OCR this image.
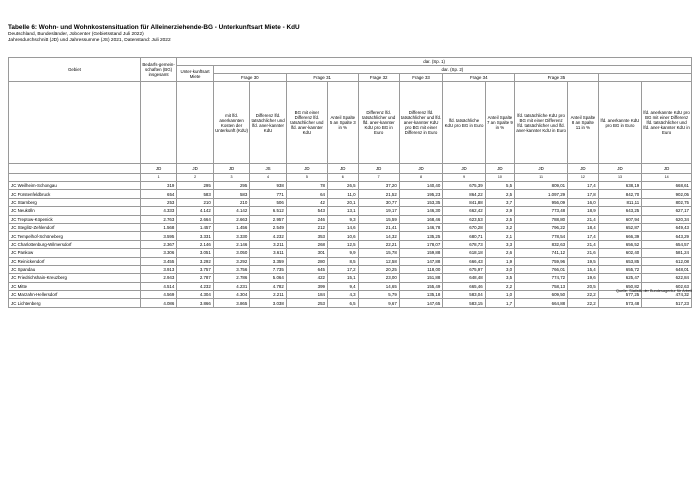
Tabelle 6: Wohn- und Wohnkostensituation für Alleinerziehende-BG - Unterkunftsart Miete - KdU
Deutschland, Bundesländer, Jobcenter (Gebietsstand Juli 2022)
Jahresdurchschnitt (JD) und Jahressumme (JS) 2021, Datenstand: Juli 2022
Gebiet	Bedarfs-gemein-schaften (BG) insgesamt	dar. (Sp. 1)												
		Unter-kunftsart Miete	dar. (Sp. 2)											
			Frage 30		Frage 31		Frage 32	Frage 33	Frage 34		Frage 35			
			mit lfd. anerkannten Kosten der Unterkunft (KdU)	Differenz lfd. tatsächlicher und lfd. aner-kannter KdU	BG mit einer Differenz lfd. tatsächlicher und lfd. aner-kannter KdU	Anteil Spalte 5 an Spalte 3 in %	Differenz lfd. tatsächlicher und lfd. aner-kannter KdU pro BG in Euro	Differenz lfd. tatsächlicher und lfd. aner-kannter KdU pro BG mit einer Differenz in Euro	lfd. tatsächliche KdU pro BG in Euro	Anteil Spalte 7 an Spalte 9 in %	lfd. tatsächliche KdU pro BG mit einer Differenz lfd. tatsächlicher und lfd. aner-kannter KdU in Euro	Anteil Spalte 8 an Spalte 11 in %	lfd. anerkannte KdU pro BG in Euro	lfd. anerkannte KdU pro BG mit einer Differenz lfd. tatsächlicher und lfd. aner-kannter KdU in Euro
	JD	JD	JD	JS	JD	JD	JD	JD	JD	JD	JD	JD	JD	JD
	1	2	3	4	5	6	7	8	9	10	11	12	13	14
JC Weilheim-Schongau	319	295	295	938	78	26,5	37,20	140,40	675,39	5,5	809,01	17,4	638,19	668,61
JC Fürstenfeldbruck	654	583	583	771	64	11,0	21,52	195,23	864,22	2,5	1.097,29	17,8	842,70	902,05
JC Starnberg	253	210	210	506	42	20,1	30,77	153,35	841,88	3,7	956,09	16,0	811,11	802,75
JC Neukölln	4.333	4.142	4.142	6.512	543	13,1	19,17	146,30	662,42	2,9	773,48	18,9	643,25	627,17
JC Treptow-Köpenick	2.763	2.664	2.663	2.957	246	9,3	15,59	168,46	623,53	2,5	788,80	21,4	607,94	620,34
JC Steglitz-Zehlendorf	1.568	1.457	1.456	2.549	212	14,6	21,41	146,78	670,28	3,2	796,22	18,4	652,87	649,43
JC Tempelhof-Schöneberg	3.595	3.331	3.330	4.232	353	10,6	14,32	135,25	680,71	2,1	778,54	17,4	666,39	643,29
JC Charlottenburg-Wilmersdorf	2.367	2.146	2.146	3.211	268	12,5	22,21	178,07	678,73	3,3	832,63	21,4	656,52	654,57
JC Pankow	3.306	3.051	3.050	3.611	301	9,9	15,78	159,88	618,18	2,6	741,12	21,6	602,40	581,24
JC Reinickendorf	3.455	3.292	3.292	3.359	280	8,5	12,58	147,88	666,43	1,9	759,96	19,5	653,85	612,08
JC Spandau	3.913	3.757	3.756	7.735	645	17,2	20,25	118,00	675,97	3,0	766,01	15,4	655,72	648,01
JC Friedrichshain-Kreuzberg	2.943	2.787	2.786	5.064	422	15,1	23,00	151,88	648,48	3,5	774,72	19,6	625,47	622,84
JC Mitte	4.514	4.232	4.231	4.782	399	9,4	14,65	155,49	665,46	2,2	758,13	20,5	650,82	602,63
JC Marzahn-Hellersdorf	4.569	4.304	4.304	2.211	184	4,3	5,79	135,18	583,04	1,0	609,50	22,2	577,25	474,32
JC Lichtenberg	4.086	3.866	3.865	3.038	253	6,5	9,67	147,65	583,15	1,7	664,88	22,2	573,48	517,23
Quelle: Statistik der Bundesagentur für Arbeit
